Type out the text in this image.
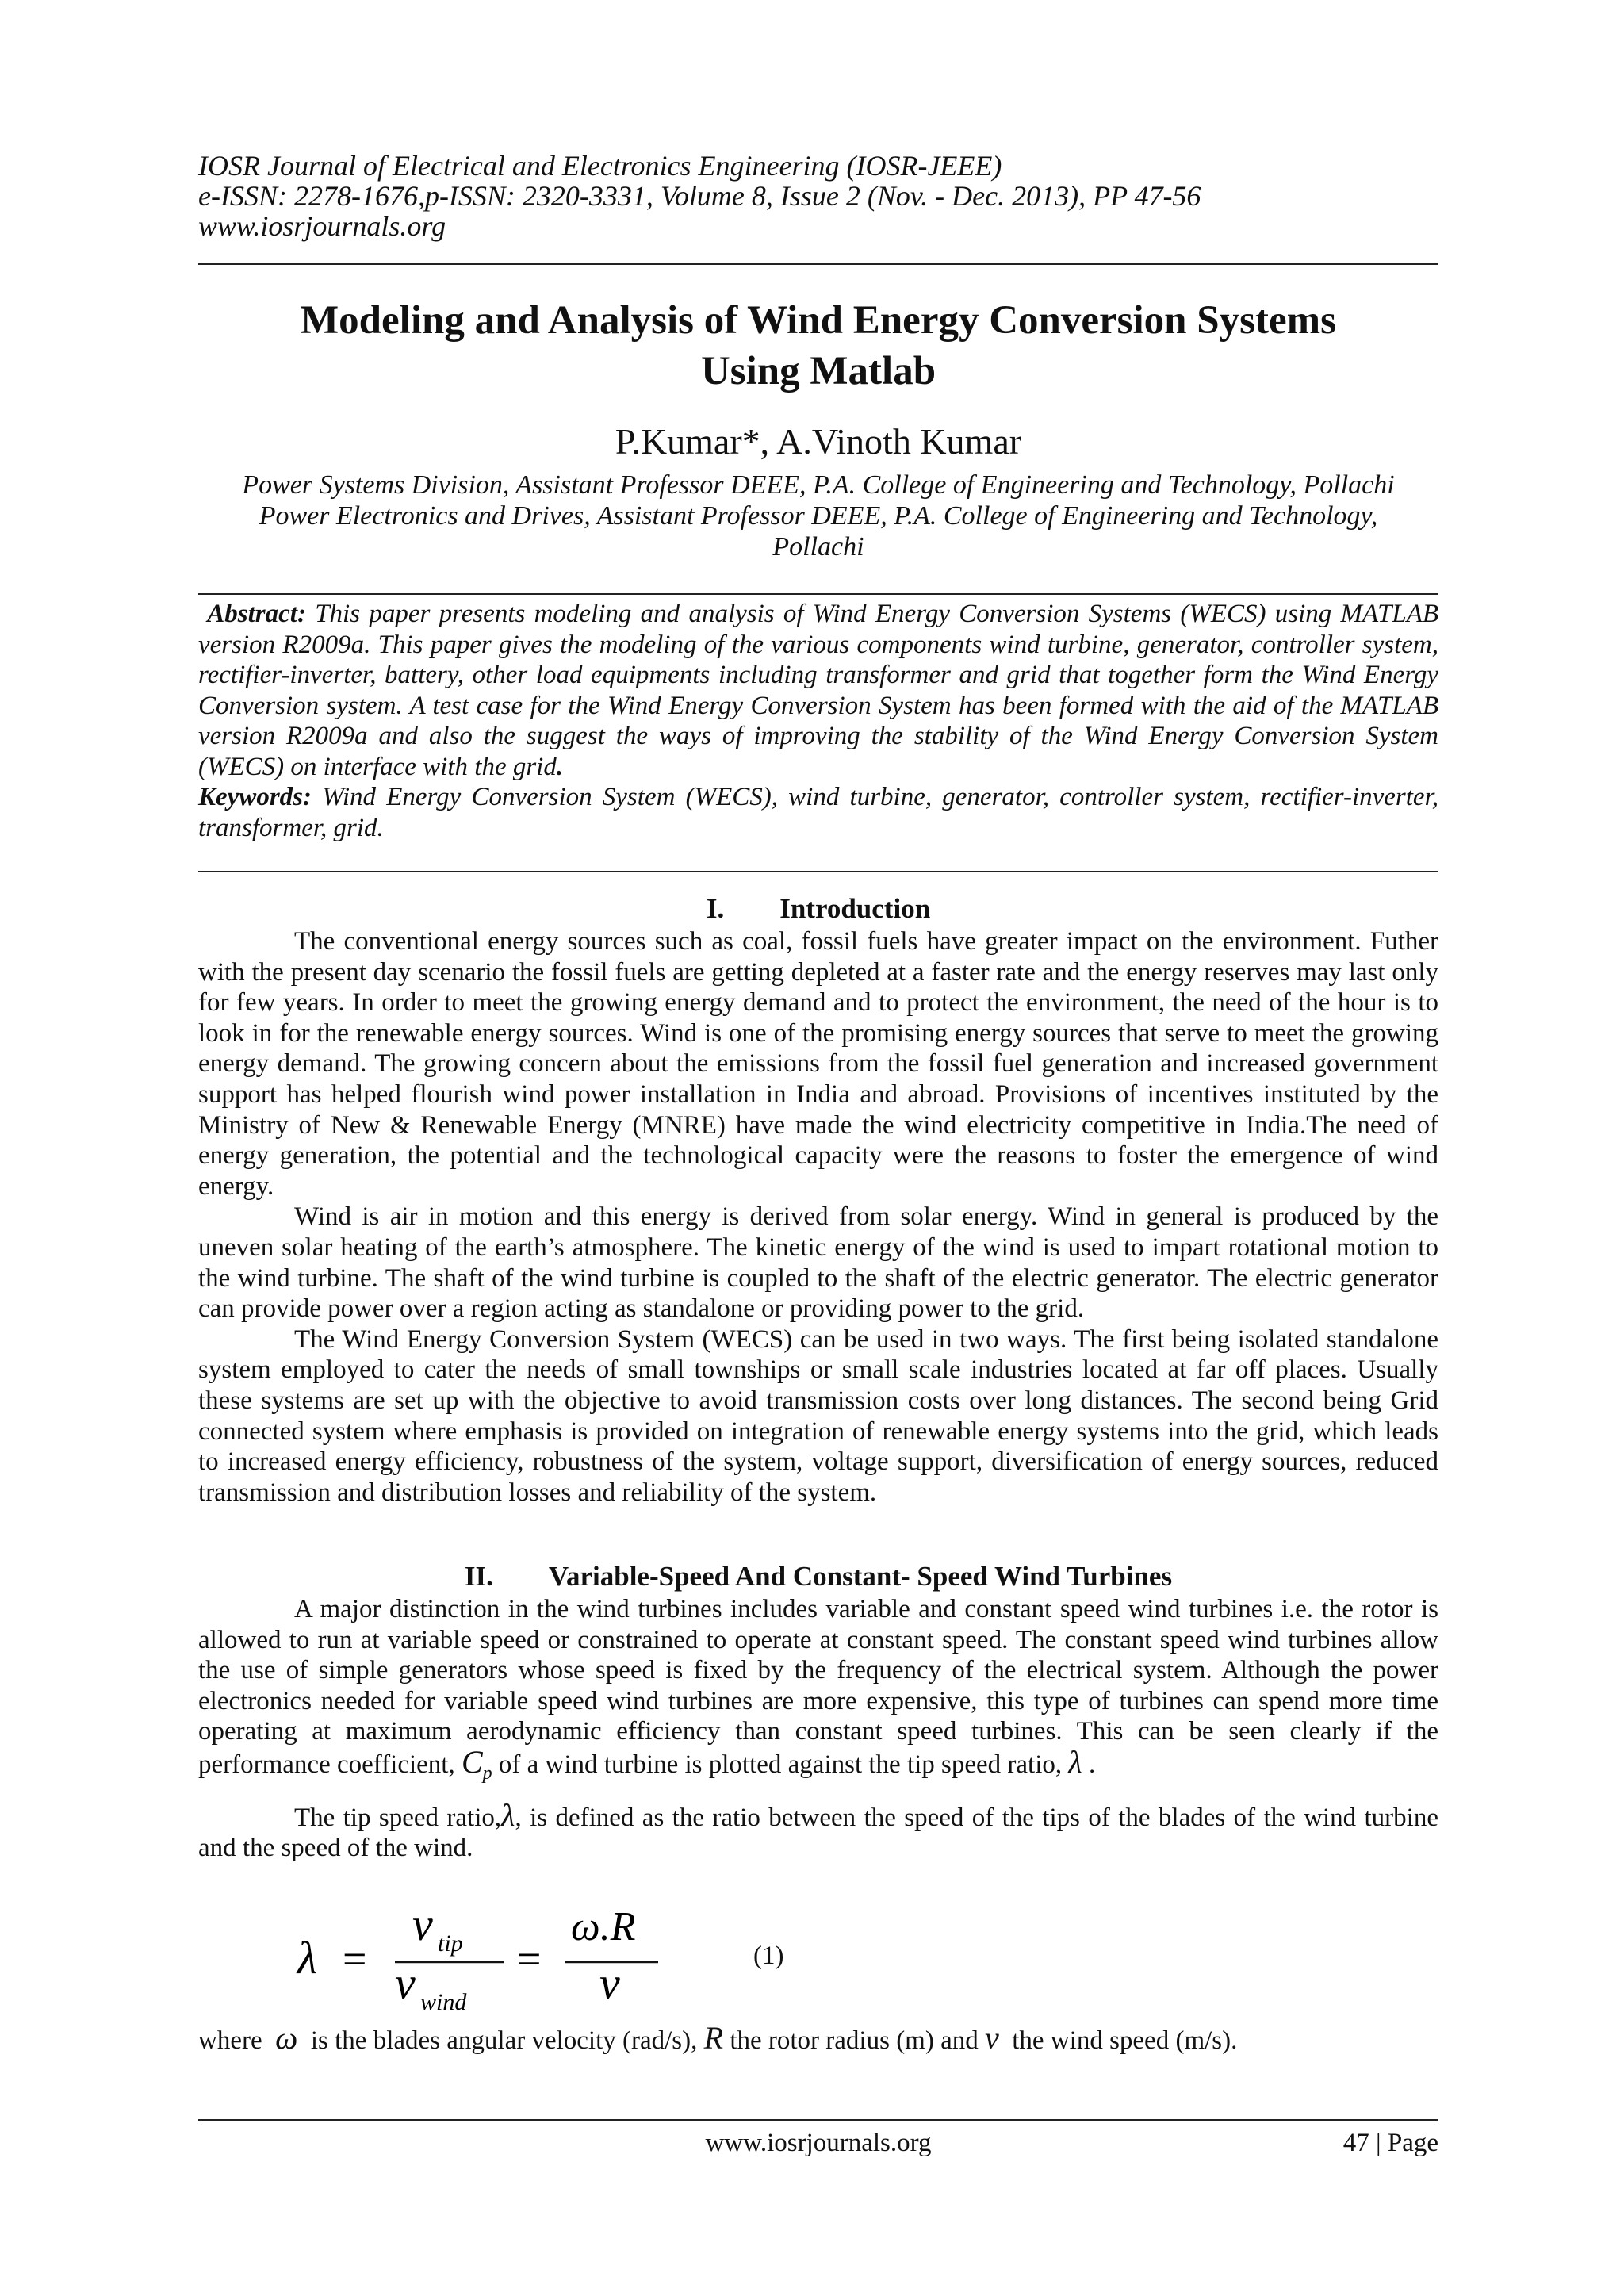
IOSR Journal of Electrical and Electronics Engineering (IOSR-JEEE)
e-ISSN: 2278-1676,p-ISSN: 2320-3331, Volume 8, Issue 2 (Nov. - Dec. 2013), PP 47-56
www.iosrjournals.org
Modeling and Analysis of Wind Energy Conversion Systems
Using Matlab
P.Kumar*, A.Vinoth Kumar
Power Systems Division, Assistant Professor DEEE, P.A. College of Engineering and Technology, Pollachi
Power Electronics and Drives, Assistant Professor DEEE, P.A. College of Engineering and Technology,
Pollachi
Abstract: This paper presents modeling and analysis of Wind Energy Conversion Systems (WECS) using MATLAB version R2009a. This paper gives the modeling of the various components wind turbine, generator, controller system, rectifier-inverter, battery, other load equipments including transformer and grid that together form the Wind Energy Conversion system. A test case for the Wind Energy Conversion System has been formed with the aid of the MATLAB version R2009a and also the suggest the ways of improving the stability of the Wind Energy Conversion System (WECS) on interface with the grid.
Keywords: Wind Energy Conversion System (WECS), wind turbine, generator, controller system, rectifier-inverter, transformer, grid.
I. Introduction

The conventional energy sources such as coal, fossil fuels have greater impact on the environment. Futher with the present day scenario the fossil fuels are getting depleted at a faster rate and the energy reserves may last only for few years. In order to meet the growing energy demand and to protect the environment, the need of the hour is to look in for the renewable energy sources. Wind is one of the promising energy sources that serve to meet the growing energy demand. The growing concern about the emissions from the fossil fuel generation and increased government support has helped flourish wind power installation in India and abroad. Provisions of incentives instituted by the Ministry of New & Renewable Energy (MNRE) have made the wind electricity competitive in India.The need of energy generation, the potential and the technological capacity were the reasons to foster the emergence of wind energy.

Wind is air in motion and this energy is derived from solar energy. Wind in general is produced by the uneven solar heating of the earth’s atmosphere. The kinetic energy of the wind is used to impart rotational motion to the wind turbine. The shaft of the wind turbine is coupled to the shaft of the electric generator. The electric generator can provide power over a region acting as standalone or providing power to the grid.

The Wind Energy Conversion System (WECS) can be used in two ways. The first being isolated standalone system employed to cater the needs of small townships or small scale industries located at far off places. Usually these systems are set up with the objective to avoid transmission costs over long distances. The second being Grid connected system where emphasis is provided on integration of renewable energy systems into the grid, which leads to increased energy efficiency, robustness of the system, voltage support, diversification of energy sources, reduced transmission and distribution losses and reliability of the system.

II. Variable-Speed And Constant- Speed Wind Turbines

A major distinction in the wind turbines includes variable and constant speed wind turbines i.e. the rotor is allowed to run at variable speed or constrained to operate at constant speed. The constant speed wind turbines allow the use of simple generators whose speed is fixed by the frequency of the electrical system. Although the power electronics needed for variable speed wind turbines are more expensive, this type of turbines can spend more time operating at maximum aerodynamic efficiency than constant speed turbines. This can be seen clearly if the performance coefficient, $C_p$ of a wind turbine is plotted against the tip speed ratio, λ .

The tip speed ratio,λ, is defined as the ratio between the speed of the tips of the blades of the wind turbine and the speed of the wind.

λ =
v tip
v wind
=
ω.R
v
(1)
where ω is the blades angular velocity (rad/s), R the rotor radius (m) and ν the wind speed (m/s).
www.iosrjournals.org	47 | Page
